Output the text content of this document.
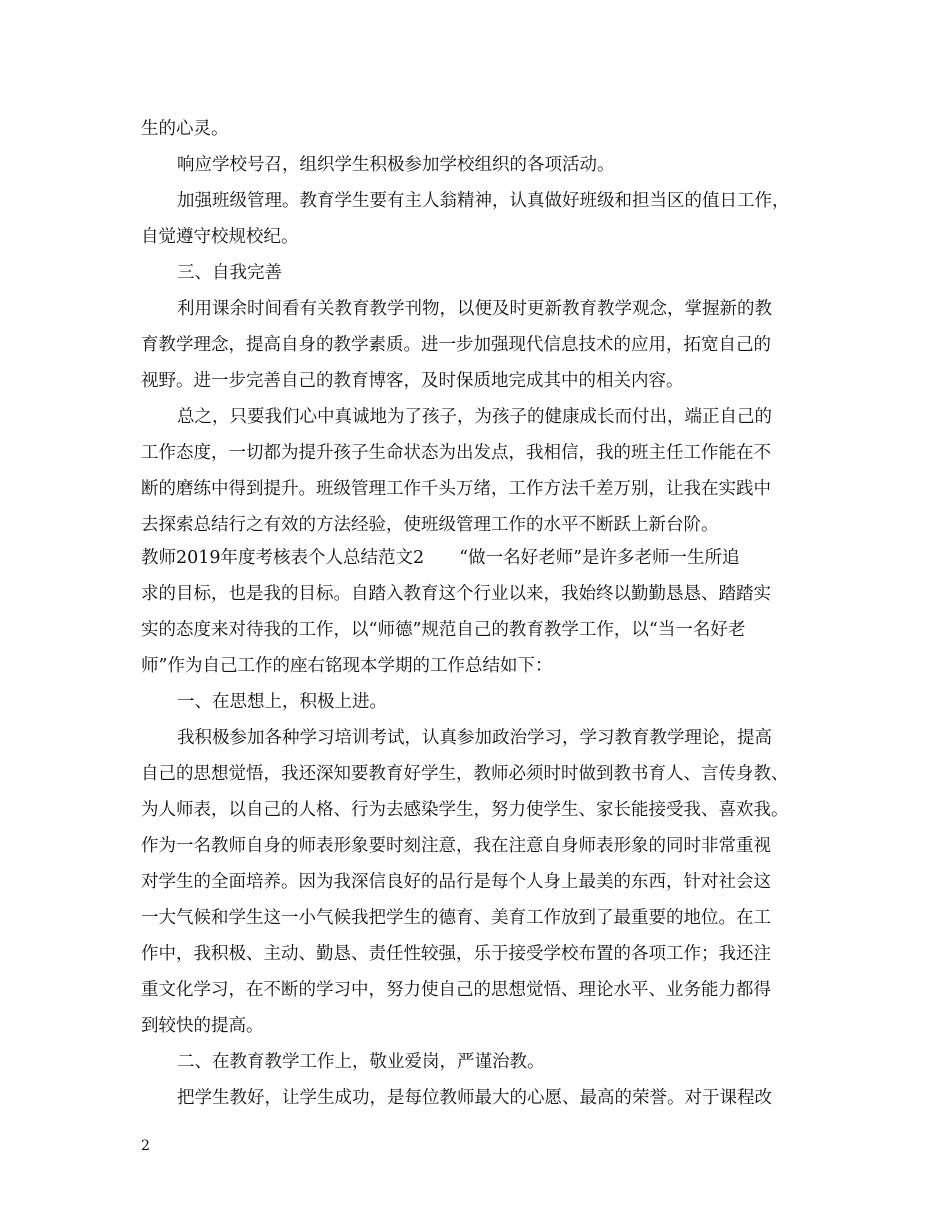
生的心灵。
响应学校号召，组织学生积极参加学校组织的各项活动。
加强班级管理。教育学生要有主人翁精神，认真做好班级和担当区的值日工作，
自觉遵守校规校纪。
三、自我完善
利用课余时间看有关教育教学刊物，以便及时更新教育教学观念，掌握新的教
育教学理念，提高自身的教学素质。进一步加强现代信息技术的应用，拓宽自己的
视野。进一步完善自己的教育博客，及时保质地完成其中的相关内容。
总之，只要我们心中真诚地为了孩子，为孩子的健康成长而付出，端正自己的
工作态度，一切都为提升孩子生命状态为出发点，我相信，我的班主任工作能在不
断的磨练中得到提升。班级管理工作千头万绪，工作方法千差万别，让我在实践中
去探索总结行之有效的方法经验，使班级管理工作的水平不断跃上新台阶。
教师2019年度考核表个人总结范文2　　“做一名好老师”是许多老师一生所追
求的目标，也是我的目标。自踏入教育这个行业以来，我始终以勤勤恳恳、踏踏实
实的态度来对待我的工作，以“师德”规范自己的教育教学工作，以“当一名好老
师”作为自己工作的座右铭现本学期的工作总结如下：
一、在思想上，积极上进。
我积极参加各种学习培训考试，认真参加政治学习，学习教育教学理论，提高
自己的思想觉悟，我还深知要教育好学生，教师必须时时做到教书育人、言传身教、
为人师表，以自己的人格、行为去感染学生，努力使学生、家长能接受我、喜欢我。
作为一名教师自身的师表形象要时刻注意，我在注意自身师表形象的同时非常重视
对学生的全面培养。因为我深信良好的品行是每个人身上最美的东西，针对社会这
一大气候和学生这一小气候我把学生的德育、美育工作放到了最重要的地位。在工
作中，我积极、主动、勤恳、责任性较强，乐于接受学校布置的各项工作；我还注
重文化学习，在不断的学习中，努力使自己的思想觉悟、理论水平、业务能力都得
到较快的提高。
二、在教育教学工作上，敬业爱岗，严谨治教。
把学生教好，让学生成功，是每位教师最大的心愿、最高的荣誉。对于课程改
2
